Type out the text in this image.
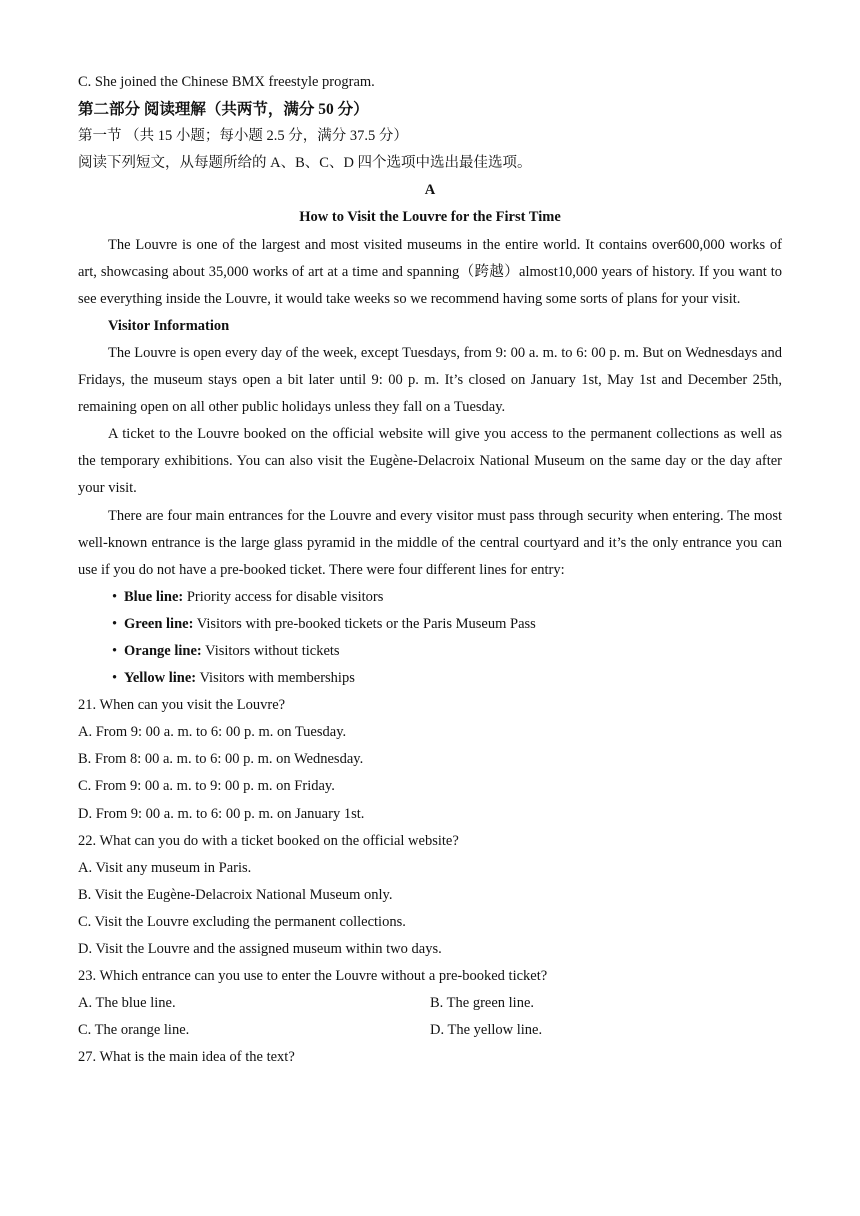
C. She joined the Chinese BMX freestyle program.
第二部分 阅读理解（共两节，满分 50 分）
第一节 （共 15 小题；每小题 2.5 分，满分 37.5 分）
阅读下列短文，从每题所给的 A、B、C、D 四个选项中选出最佳选项。
A
How to Visit the Louvre for the First Time

The Louvre is one of the largest and most visited museums in the entire world. It contains over600,000 works of art, showcasing about 35,000 works of art at a time and spanning（跨越）almost10,000 years of history. If you want to see everything inside the Louvre, it would take weeks so we recommend having some sorts of plans for your visit.

Visitor Information

The Louvre is open every day of the week, except Tuesdays, from 9: 00 a. m. to 6: 00 p. m. But on Wednesdays and Fridays, the museum stays open a bit later until 9: 00 p. m. It’s closed on January 1st, May 1st and December 25th, remaining open on all other public holidays unless they fall on a Tuesday.

A ticket to the Louvre booked on the official website will give you access to the permanent collections as well as the temporary exhibitions. You can also visit the Eugène-Delacroix National Museum on the same day or the day after your visit.

There are four main entrances for the Louvre and every visitor must pass through security when entering. The most well-known entrance is the large glass pyramid in the middle of the central courtyard and it’s the only entrance you can use if you do not have a pre-booked ticket. There were four different lines for entry:

• Blue line: Priority access for disable visitors
• Green line: Visitors with pre-booked tickets or the Paris Museum Pass
• Orange line: Visitors without tickets
• Yellow line: Visitors with memberships
21. When can you visit the Louvre?
A. From 9: 00 a. m. to 6: 00 p. m. on Tuesday.
B. From 8: 00 a. m. to 6: 00 p. m. on Wednesday.
C. From 9: 00 a. m. to 9: 00 p. m. on Friday.
D. From 9: 00 a. m. to 6: 00 p. m. on January 1st.
22. What can you do with a ticket booked on the official website?
A. Visit any museum in Paris.
B. Visit the Eugène-Delacroix National Museum only.
C. Visit the Louvre excluding the permanent collections.
D. Visit the Louvre and the assigned museum within two days.
23. Which entrance can you use to enter the Louvre without a pre-booked ticket?
A. The blue line.	B. The green line.
C. The orange line.	D. The yellow line.
27. What is the main idea of the text?
